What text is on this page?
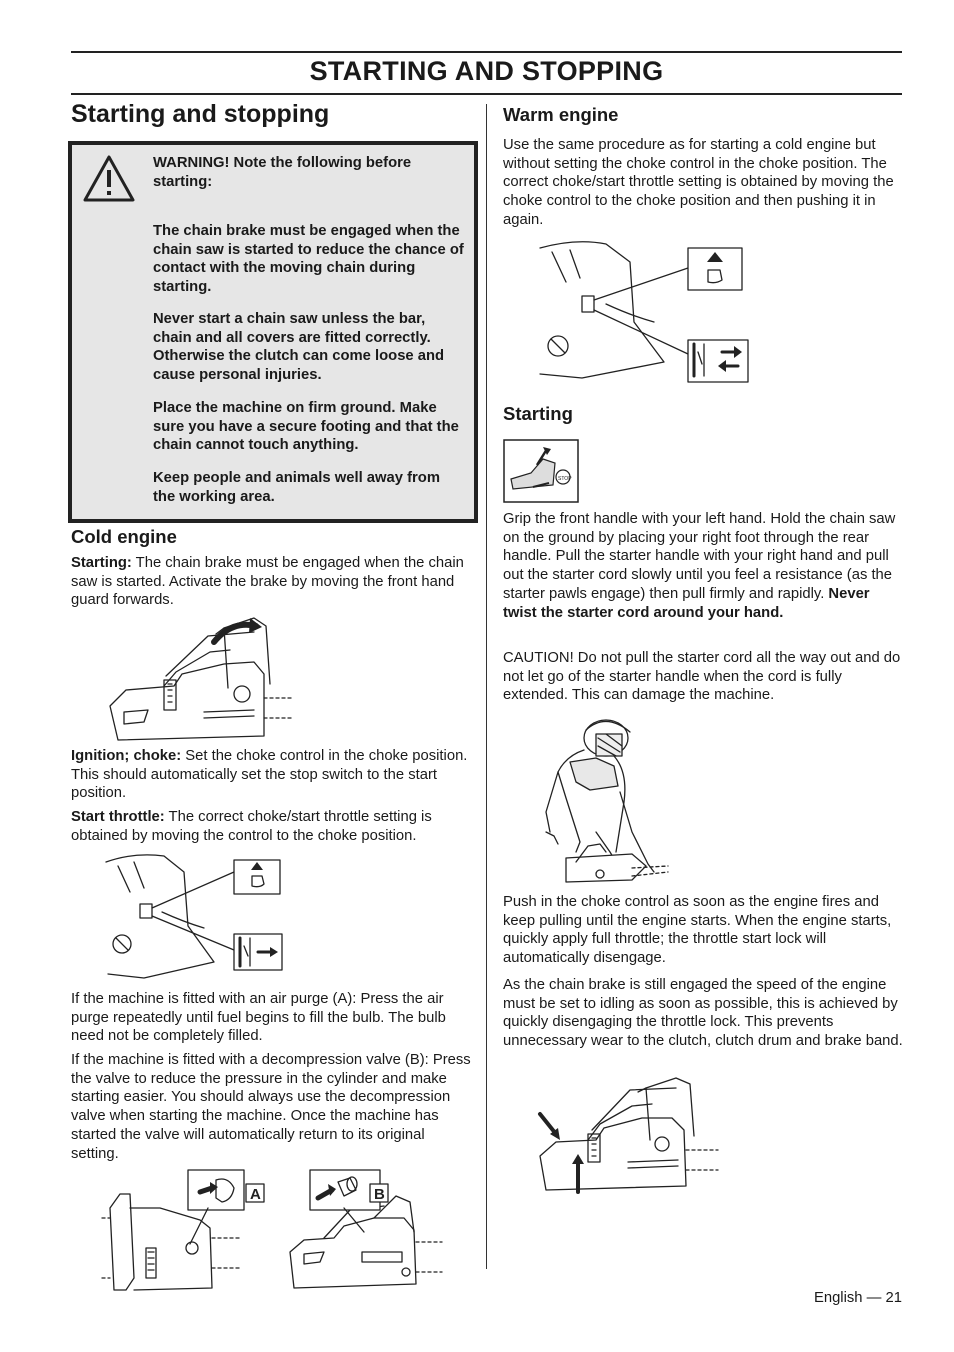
STARTING AND STOPPING
Starting and stopping

WARNING! Note the following before starting:

The chain brake must be engaged when the chain saw is started to reduce the chance of contact with the moving chain during starting.

Never start a chain saw unless the bar, chain and all covers are fitted correctly. Otherwise the clutch can come loose and cause personal injuries.

Place the machine on firm ground. Make sure you have a secure footing and that the chain cannot touch anything.

Keep people and animals well away from the working area.

Cold engine

Starting: The chain brake must be engaged when the chain saw is started. Activate the brake by moving the front hand guard forwards.

Ignition; choke: Set the choke control in the choke position. This should automatically set the stop switch to the start position.

Start throttle: The correct choke/start throttle setting is obtained by moving the control to the choke position.

If the machine is fitted with an air purge (A): Press the air purge repeatedly until fuel begins to fill the bulb. The bulb need not be completely filled.

If the machine is fitted with a decompression valve (B): Press the valve to reduce the pressure in the cylinder and make starting easier. You should always use the decompression valve when starting the machine. Once the machine has started the valve will automatically return to its original setting.

A	B
Warm engine

Use the same procedure as for starting a cold engine but without setting the choke control in the choke position. The correct choke/start throttle setting is obtained by moving the choke control to the choke position and then pushing it in again.

Starting
STOP

Grip the front handle with your left hand. Hold the chain saw on the ground by placing your right foot through the rear handle. Pull the starter handle with your right hand and pull out the starter cord slowly until you feel a resistance (as the starter pawls engage) then pull firmly and rapidly. Never twist the starter cord around your hand.

CAUTION! Do not pull the starter cord all the way out and do not let go of the starter handle when the cord is fully extended. This can damage the machine.

Push in the choke control as soon as the engine fires and keep pulling until the engine starts. When the engine starts, quickly apply full throttle; the throttle start lock will automatically disengage.

As the chain brake is still engaged the speed of the engine must be set to idling as soon as possible, this is achieved by quickly disengaging the throttle lock. This prevents unnecessary wear to the clutch, clutch drum and brake band.

English — 21
